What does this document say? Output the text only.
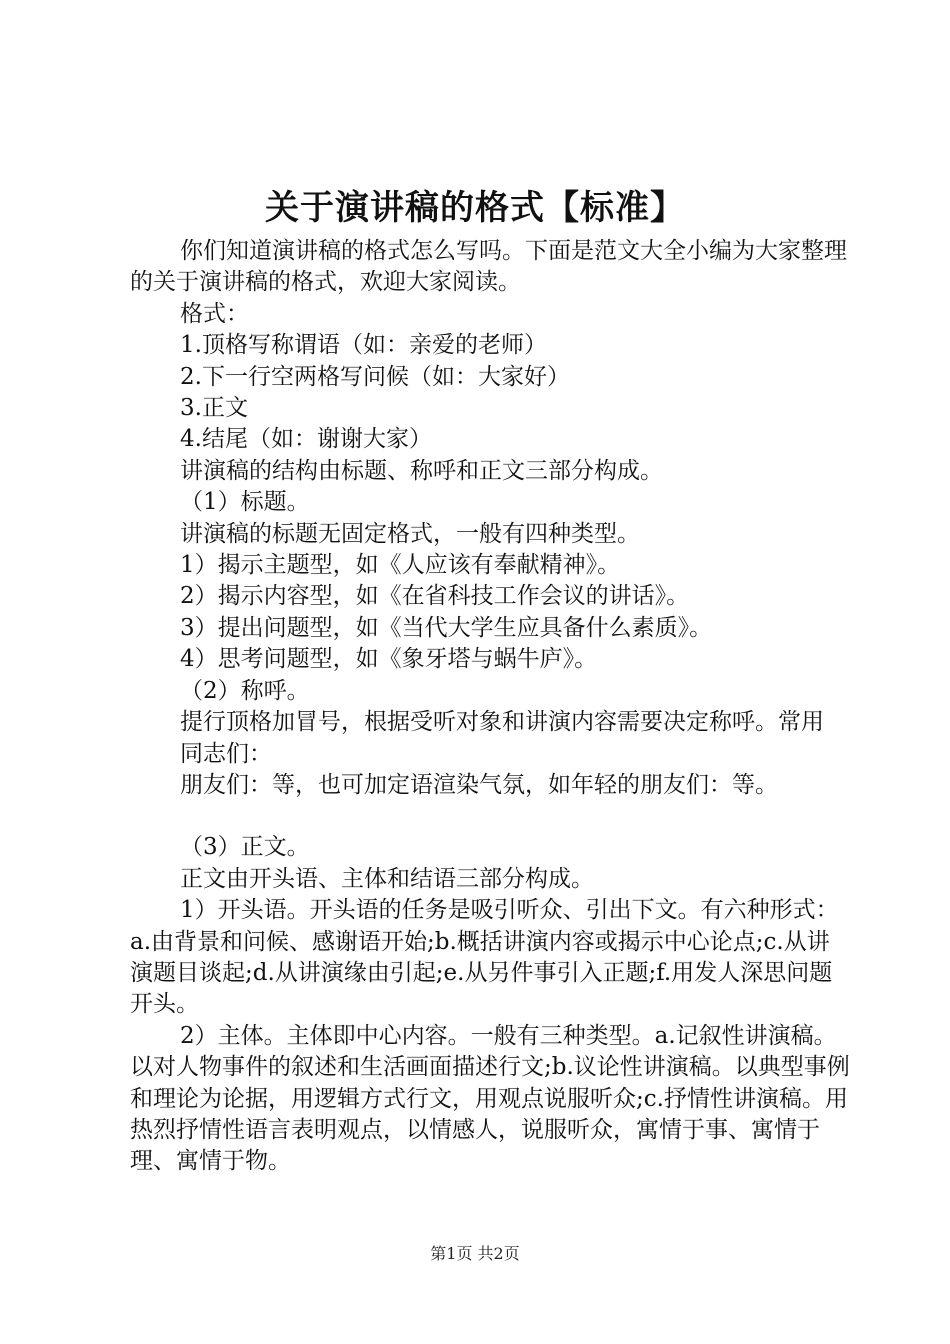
关于演讲稿的格式【标准】

你们知道演讲稿的格式怎么写吗。下面是范文大全小编为大家整理的关于演讲稿的格式，欢迎大家阅读。

格式：

1.顶格写称谓语（如：亲爱的老师）

2.下一行空两格写问候（如：大家好）

3.正文

4.结尾（如：谢谢大家）

讲演稿的结构由标题、称呼和正文三部分构成。

（1）标题。

讲演稿的标题无固定格式，一般有四种类型。

1）揭示主题型，如《人应该有奉献精神》。

2）揭示内容型，如《在省科技工作会议的讲话》。

3）提出问题型，如《当代大学生应具备什么素质》。

4）思考问题型，如《象牙塔与蜗牛庐》。

（2）称呼。

提行顶格加冒号，根据受听对象和讲演内容需要决定称呼。常用

同志们：

朋友们：等，也可加定语渲染气氛，如年轻的朋友们：等。

（3）正文。

正文由开头语、主体和结语三部分构成。

1）开头语。开头语的任务是吸引听众、引出下文。有六种形式：a.由背景和问候、感谢语开始;b.概括讲演内容或揭示中心论点;c.从讲演题目谈起;d.从讲演缘由引起;e.从另件事引入正题;f.用发人深思问题开头。

2）主体。主体即中心内容。一般有三种类型。a.记叙性讲演稿。以对人物事件的叙述和生活画面描述行文;b.议论性讲演稿。以典型事例和理论为论据，用逻辑方式行文，用观点说服听众;c.抒情性讲演稿。用热烈抒情性语言表明观点，以情感人，说服听众，寓情于事、寓情于理、寓情于物。

第1页 共2页
